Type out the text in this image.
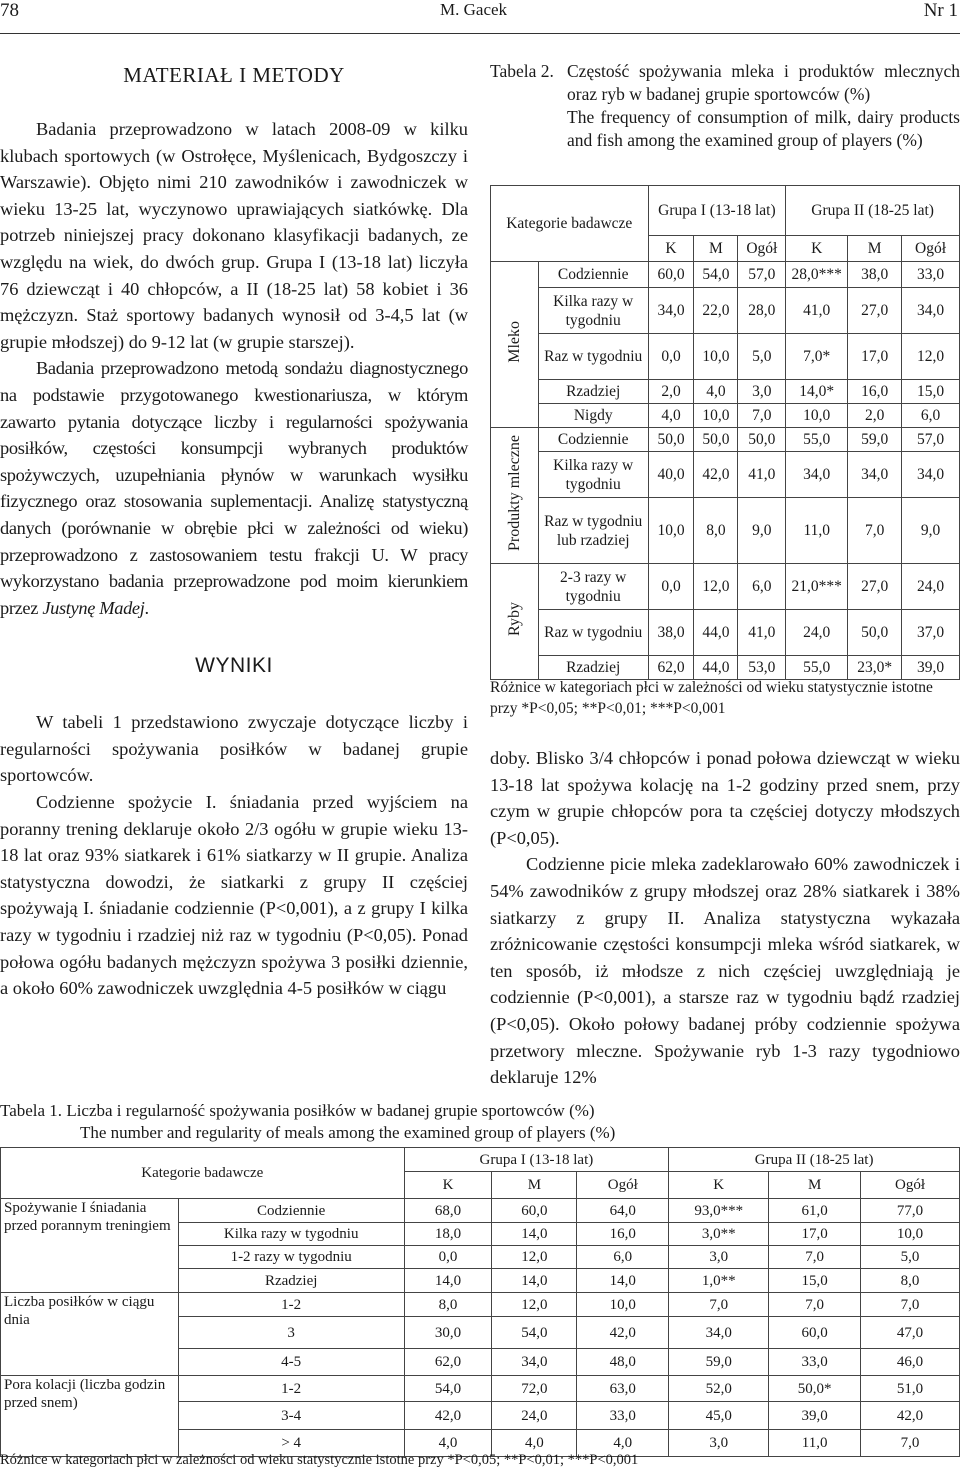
78	M. Gacek	Nr 1
MATERIAŁ I METODY

Badania przeprowadzono w latach 2008-09 w kilku klubach sportowych (w Ostrołęce, Myślenicach, Bydgoszczy i Warszawie). Objęto nimi 210 zawodników i zawodniczek w wieku 13-25 lat, wyczynowo uprawiających siatkówkę. Dla potrzeb niniejszej pracy dokonano klasyfikacji badanych, ze względu na wiek, do dwóch grup. Grupa I (13-18 lat) liczyła 76 dziewcząt i 40 chłopców, a II (18-25 lat) 58 kobiet i 36 mężczyzn. Staż sportowy badanych wynosił od 3-4,5 lat (w grupie młodszej) do 9-12 lat (w grupie starszej).

Badania przeprowadzono metodą sondażu diagnostycznego na podstawie przygotowanego kwestionariusza, w którym zawarto pytania dotyczące liczby i regularności spożywania posiłków, częstości konsumpcji wybranych produktów spożywczych, uzupełniania płynów w warunkach wysiłku fizycznego oraz stosowania suplementacji. Analizę statystyczną danych (porównanie w obrębie płci w zależności od wieku) przeprowadzono z zastosowaniem testu frakcji U. W pracy wykorzystano badania przeprowadzone pod moim kierunkiem przez Justynę Madej.

WYNIKI

W tabeli 1 przedstawiono zwyczaje dotyczące liczby i regularności spożywania posiłków w badanej grupie sportowców.

Codzienne spożycie I. śniadania przed wyjściem na poranny trening deklaruje około 2/3 ogółu w grupie wieku 13-18 lat oraz 93% siatkarek i 61% siatkarzy w II grupie. Analiza statystyczna dowodzi, że siatkarki z grupy II częściej spożywają I. śniadanie codziennie (P<0,001), a z grupy I kilka razy w tygodniu i rzadziej niż raz w tygodniu (P<0,05). Ponad połowa ogółu badanych mężczyzn spożywa 3 posiłki dziennie, a około 60% zawodniczek uwzględnia 4-5 posiłków w ciągu

Tabela 2. Częstość spożywania mleka i produktów mlecznych oraz ryb w badanej grupie sportowców (%)
The frequency of consumption of milk, dairy products and fish among the examined group of players (%)
Kategorie badawcze		Grupa I (13-18 lat)			Grupa II (18-25 lat)		
		K	M	Ogół	K	M	Ogół
Mleko	Codziennie	60,0	54,0	57,0	28,0***	38,0	33,0
	Kilka razy w tygodniu	34,0	22,0	28,0	41,0	27,0	34,0
	Raz w tygodniu	0,0	10,0	5,0	7,0*	17,0	12,0
	Rzadziej	2,0	4,0	3,0	14,0*	16,0	15,0
	Nigdy	4,0	10,0	7,0	10,0	2,0	6,0
Produkty mleczne	Codziennie	50,0	50,0	50,0	55,0	59,0	57,0
	Kilka razy w tygodniu	40,0	42,0	41,0	34,0	34,0	34,0
	Raz w tygodniu lub rzadziej	10,0	8,0	9,0	11,0	7,0	9,0
Ryby	2-3 razy w tygodniu	0,0	12,0	6,0	21,0***	27,0	24,0
	Raz w tygodniu	38,0	44,0	41,0	24,0	50,0	37,0
	Rzadziej	62,0	44,0	53,0	55,0	23,0*	39,0
Różnice w kategoriach płci w zależności od wieku statystycznie istotne przy *P<0,05; **P<0,01; ***P<0,001

doby. Blisko 3/4 chłopców i ponad połowa dziewcząt w wieku 13-18 lat spożywa kolację na 1-2 godziny przed snem, przy czym w grupie chłopców pora ta częściej dotyczy młodszych (P<0,05).

Codzienne picie mleka zadeklarowało 60% zawodniczek i 54% zawodników z grupy młodszej oraz 28% siatkarek i 38% siatkarzy z grupy II. Analiza statystyczna wykazała zróżnicowanie częstości konsumpcji mleka wśród siatkarek, w ten sposób, iż młodsze z nich częściej uwzględniają je codziennie (P<0,001), a starsze raz w tygodniu bądź rzadziej (P<0,05). Około połowy badanej próby codziennie spożywa przetwory mleczne. Spożywanie ryb 1-3 razy tygodniowo deklaruje 12%

Tabela 1. Liczba i regularność spożywania posiłków w badanej grupie sportowców (%)
The number and regularity of meals among the examined group of players (%)
Kategorie badawcze		Grupa I (13-18 lat)			Grupa II (18-25 lat)		
		K	M	Ogół	K	M	Ogół
Spożywanie I śniadania przed porannym treningiem	Codziennie	68,0	60,0	64,0	93,0***	61,0	77,0
	Kilka razy w tygodniu	18,0	14,0	16,0	3,0**	17,0	10,0
	1-2 razy w tygodniu	0,0	12,0	6,0	3,0	7,0	5,0
	Rzadziej	14,0	14,0	14,0	1,0**	15,0	8,0
Liczba posiłków w ciągu dnia	1-2	8,0	12,0	10,0	7,0	7,0	7,0
	3	30,0	54,0	42,0	34,0	60,0	47,0
	4-5	62,0	34,0	48,0	59,0	33,0	46,0
Pora kolacji (liczba godzin przed snem)	1-2	54,0	72,0	63,0	52,0	50,0*	51,0
	3-4	42,0	24,0	33,0	45,0	39,0	42,0
	> 4	4,0	4,0	4,0	3,0	11,0	7,0
Różnice w kategoriach płci w zależności od wieku statystycznie istotne przy *P<0,05; **P<0,01; ***P<0,001
